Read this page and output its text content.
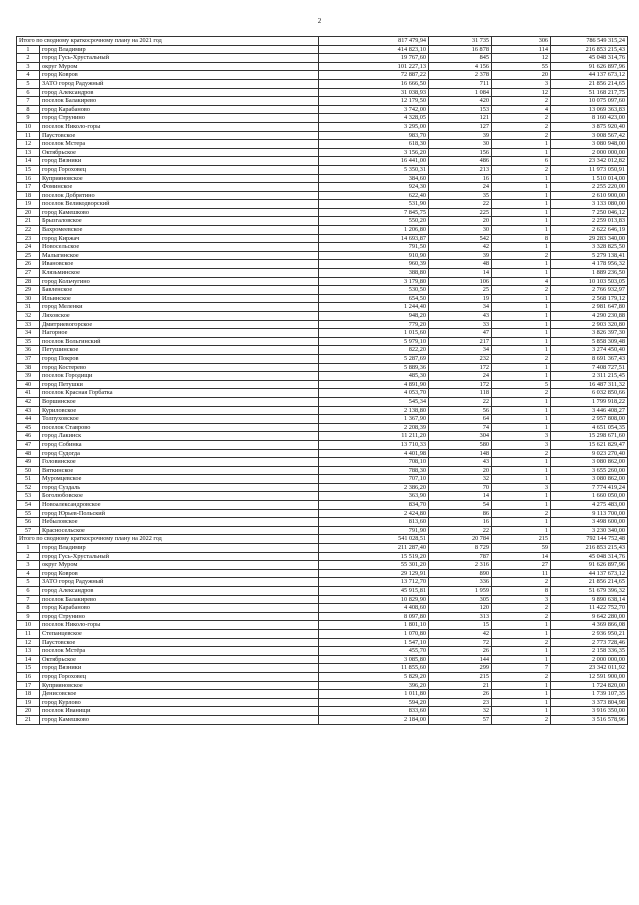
2
Итого по сводному краткосрочному плану на 2021 год		817 479,94	31 735	306	786 549 315,24
1	город Владимир	414 823,10	16 878	114	216 853 215,43
2	город Гусь-Хрустальный	19 767,60	845	12	45 048 314,76
3	округ Муром	101 227,13	4 156	55	91 626 897,96
4	город Ковров	72 887,22	2 378	20	44 137 673,12
5	ЗАТО город Радужный	16 666,50	711	3	21 856 214,65
6	город Александров	31 038,93	1 084	12	51 168 217,75
7	поселок Балакирево	12 179,50	420	2	10 075 097,60
8	город Карабаново	3 742,00	153	4	13 069 363,83
9	город Струнино	4 328,05	121	2	8 160 423,00
10	поселок Николо-горы	3 295,00	127	2	3 875 920,40
11	Паустовское	983,70	39	2	3 008 567,42
12	поселок Мстера	618,30	30	1	3 080 948,00
13	Октябрьское	3 156,20	156	1	2 000 000,00
14	город Вязники	16 441,00	486	6	23 342 012,82
15	город Гороховец	5 350,31	213	2	11 973 050,91
16	Куприяновское	384,60	16	1	1 510 014,00
17	Фоминское	924,30	24	1	2 255 220,00
18	поселок Добрятино	622,40	35	1	2 610 900,00
19	поселок Великодворский	531,90	22	1	3 133 080,00
20	город Камешково	7 845,75	225	1	7 250 046,12
21	Брызгаловское	550,20	20	1	2 259 013,83
22	Вахромеевское	1 206,80	30	1	2 622 646,19
23	город Киржач	14 693,87	542	8	29 283 340,00
24	Новосельское	791,50	42	1	3 328 825,50
25	Малыгинское	910,90	39	2	5 279 138,41
26	Ивановское	960,39	48	1	4 178 956,32
27	Клязьминское	388,80	14	1	1 889 236,50
28	город Кольчугино	3 179,80	106	4	10 103 503,05
29	Бавленское	530,50	25	2	2 766 932,97
30	Ильинское	654,50	19	1	2 568 179,12
31	город Меленки	1 244,40	34	1	2 981 647,80
32	Ляховское	948,20	43	1	4 290 230,88
33	Дмитриевогорское	779,20	33	1	2 903 320,80
34	Нагорное	1 015,60	47	1	3 826 397,30
35	поселок Вольгинский	5 979,10	217	1	5 858 309,48
36	Петушинское	822,20	34	1	3 274 450,40
37	город Покров	5 287,69	232	2	8 691 367,43
38	город Костерево	5 889,36	172	1	7 408 727,51
39	поселок Городищи	485,30	24	1	2 311 215,45
40	город Петушки	4 891,90	172	5	16 487 311,32
41	поселок Красная Горбатка	4 053,70	118	2	6 032 850,66
42	Воршинское	545,34	22	1	1 799 918,22
43	Куриловское	2 138,80	56	1	3 446 408,27
44	Толпуховское	1 367,90	64	1	2 957 808,00
45	поселок Ставрово	2 208,39	74	1	4 651 054,35
46	город Лакинск	11 211,20	304	3	15 298 671,60
47	город Собинка	13 710,33	580	3	15 621 829,47
48	город Судогда	4 401,98	148	2	9 023 270,40
49	Головинское	708,10	43	1	3 080 862,00
50	Вяткинское	788,30	20	1	3 655 260,00
51	Муромцевское	707,10	32	1	3 080 862,00
52	город Суздаль	2 386,20	70	3	7 774 419,24
53	Боголюбовское	363,90	14	1	1 660 050,00
54	Новоалександровское	834,70	54	1	4 275 483,00
55	город Юрьев-Польский	2 424,80	86	2	9 113 700,00
56	Небыловское	813,60	16	1	3 498 600,00
57	Красносельское	791,90	22	1	3 230 340,00
Итого по сводному краткосрочному плану на 2022 год		541 028,51	20 784	215	792 144 752,48
1	город Владимир	211 287,40	8 729	59	216 853 215,43
2	город Гусь-Хрустальный	15 519,20	787	14	45 048 314,76
3	округ Муром	55 301,20	2 316	27	91 626 897,96
4	город Ковров	29 129,91	890	11	44 137 673,12
5	ЗАТО город Радужный	13 712,70	336	2	21 856 214,65
6	город Александров	45 915,81	1 959	8	51 679 396,32
7	поселок Балакирево	10 829,90	305	3	9 890 638,14
8	город Карабаново	4 408,60	120	2	11 422 752,70
9	город Струнино	8 097,80	313	2	9 642 280,00
10	поселок Николо-горы	1 801,10	15	1	4 369 866,08
11	Степанцевское	1 070,80	42	1	2 936 950,21
12	Паустовское	1 547,10	72	2	2 773 728,46
13	поселок Мстёра	455,70	26	1	2 158 336,35
14	Октябрьское	3 085,80	144	1	2 000 000,00
15	город Вязники	11 855,60	299	7	23 342 011,92
16	город Гороховец	5 829,20	215	2	12 591 900,00
17	Куприяновское	396,20	21	1	1 724 820,00
18	Денисовское	1 011,80	26	1	1 739 107,35
19	город Курлово	594,20	23	1	3 373 804,98
20	поселок Иванищи	833,60	32	1	3 916 350,00
21	город Камешково	2 184,00	57	2	3 516 578,96
